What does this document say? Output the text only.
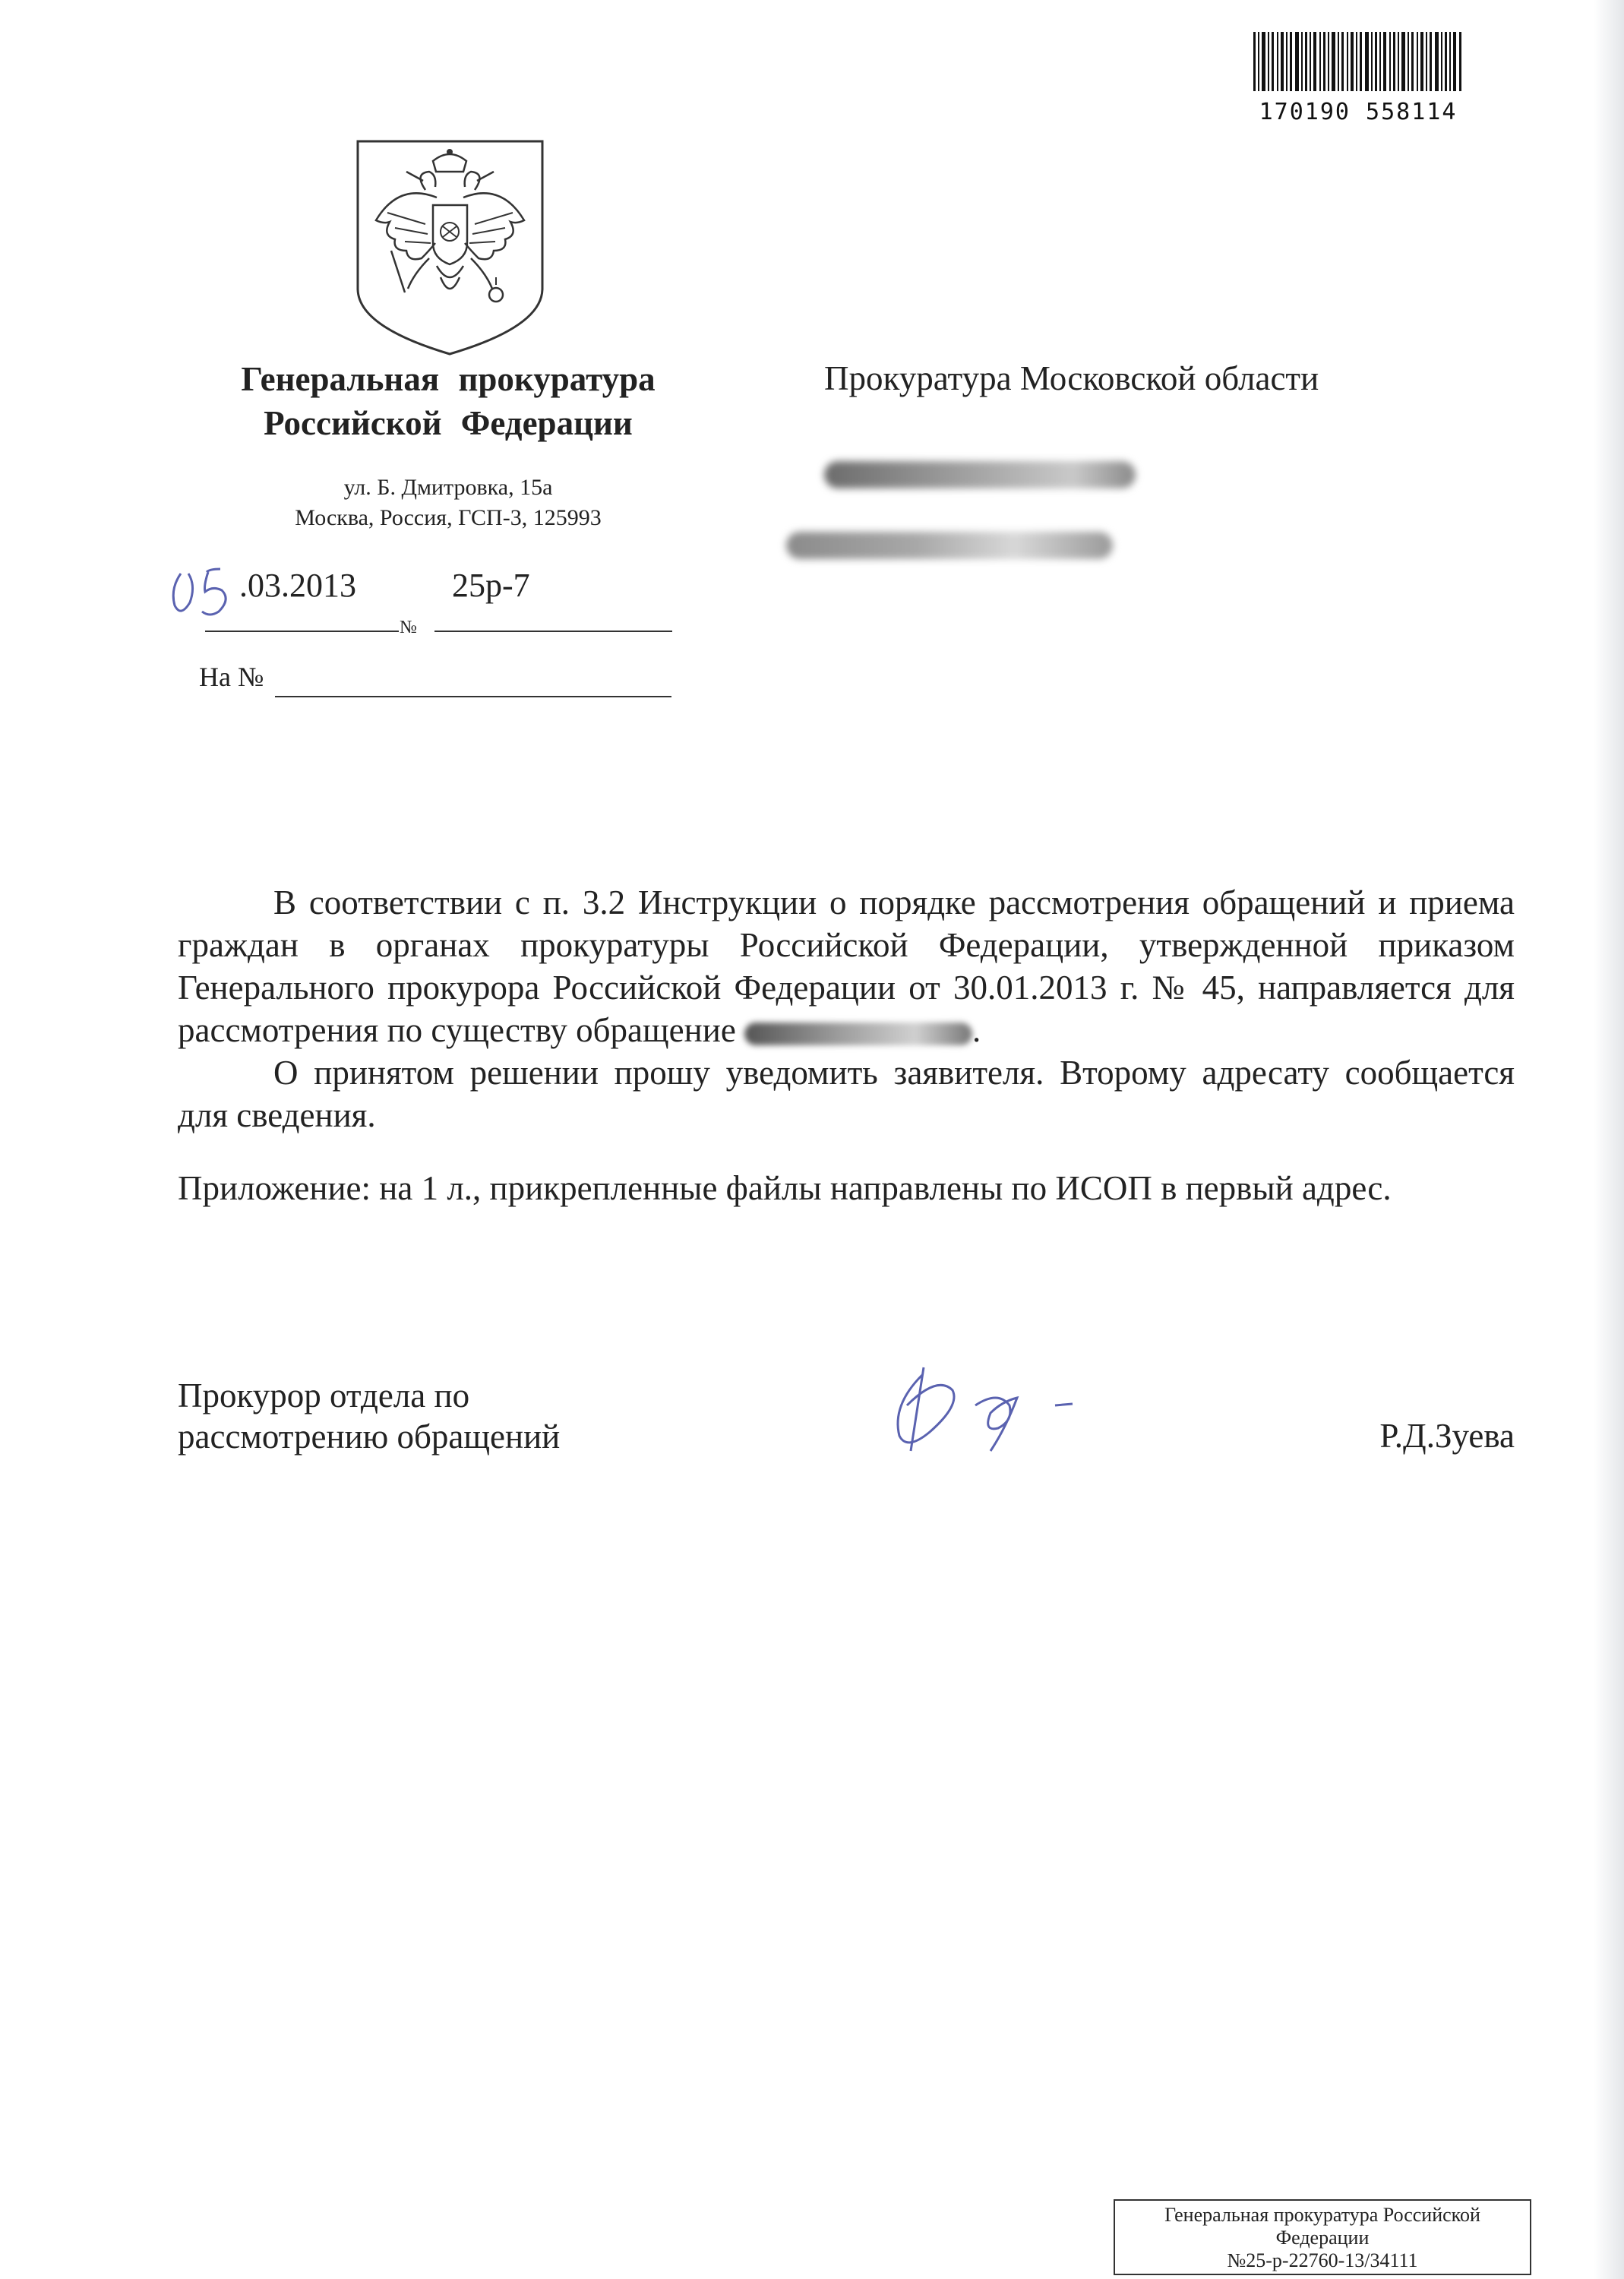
170190 558114
Генеральная прокуратура
Российской Федерации
ул. Б. Дмитровка, 15а
Москва, Россия, ГСП-3, 125993
.03.2013	25р-7
№
На №
Прокуратура Московской области

В соответствии с п. 3.2 Инструкции о порядке рассмотрения обращений и приема граждан в органах прокуратуры Российской Федерации, утвержденной приказом Генерального прокурора Российской Федерации от 30.01.2013 г. № 45, направляется для рассмотрения по существу обращение	.

О принятом решении прошу уведомить заявителя. Второму адресату сообщается для сведения.

Приложение: на 1 л., прикрепленные файлы направлены по ИСОП в первый адрес.

Прокурор отдела по
рассмотрению обращений	Р.Д.Зуева
Генеральная прокуратура Российской
Федерации
№25-р-22760-13/34111
